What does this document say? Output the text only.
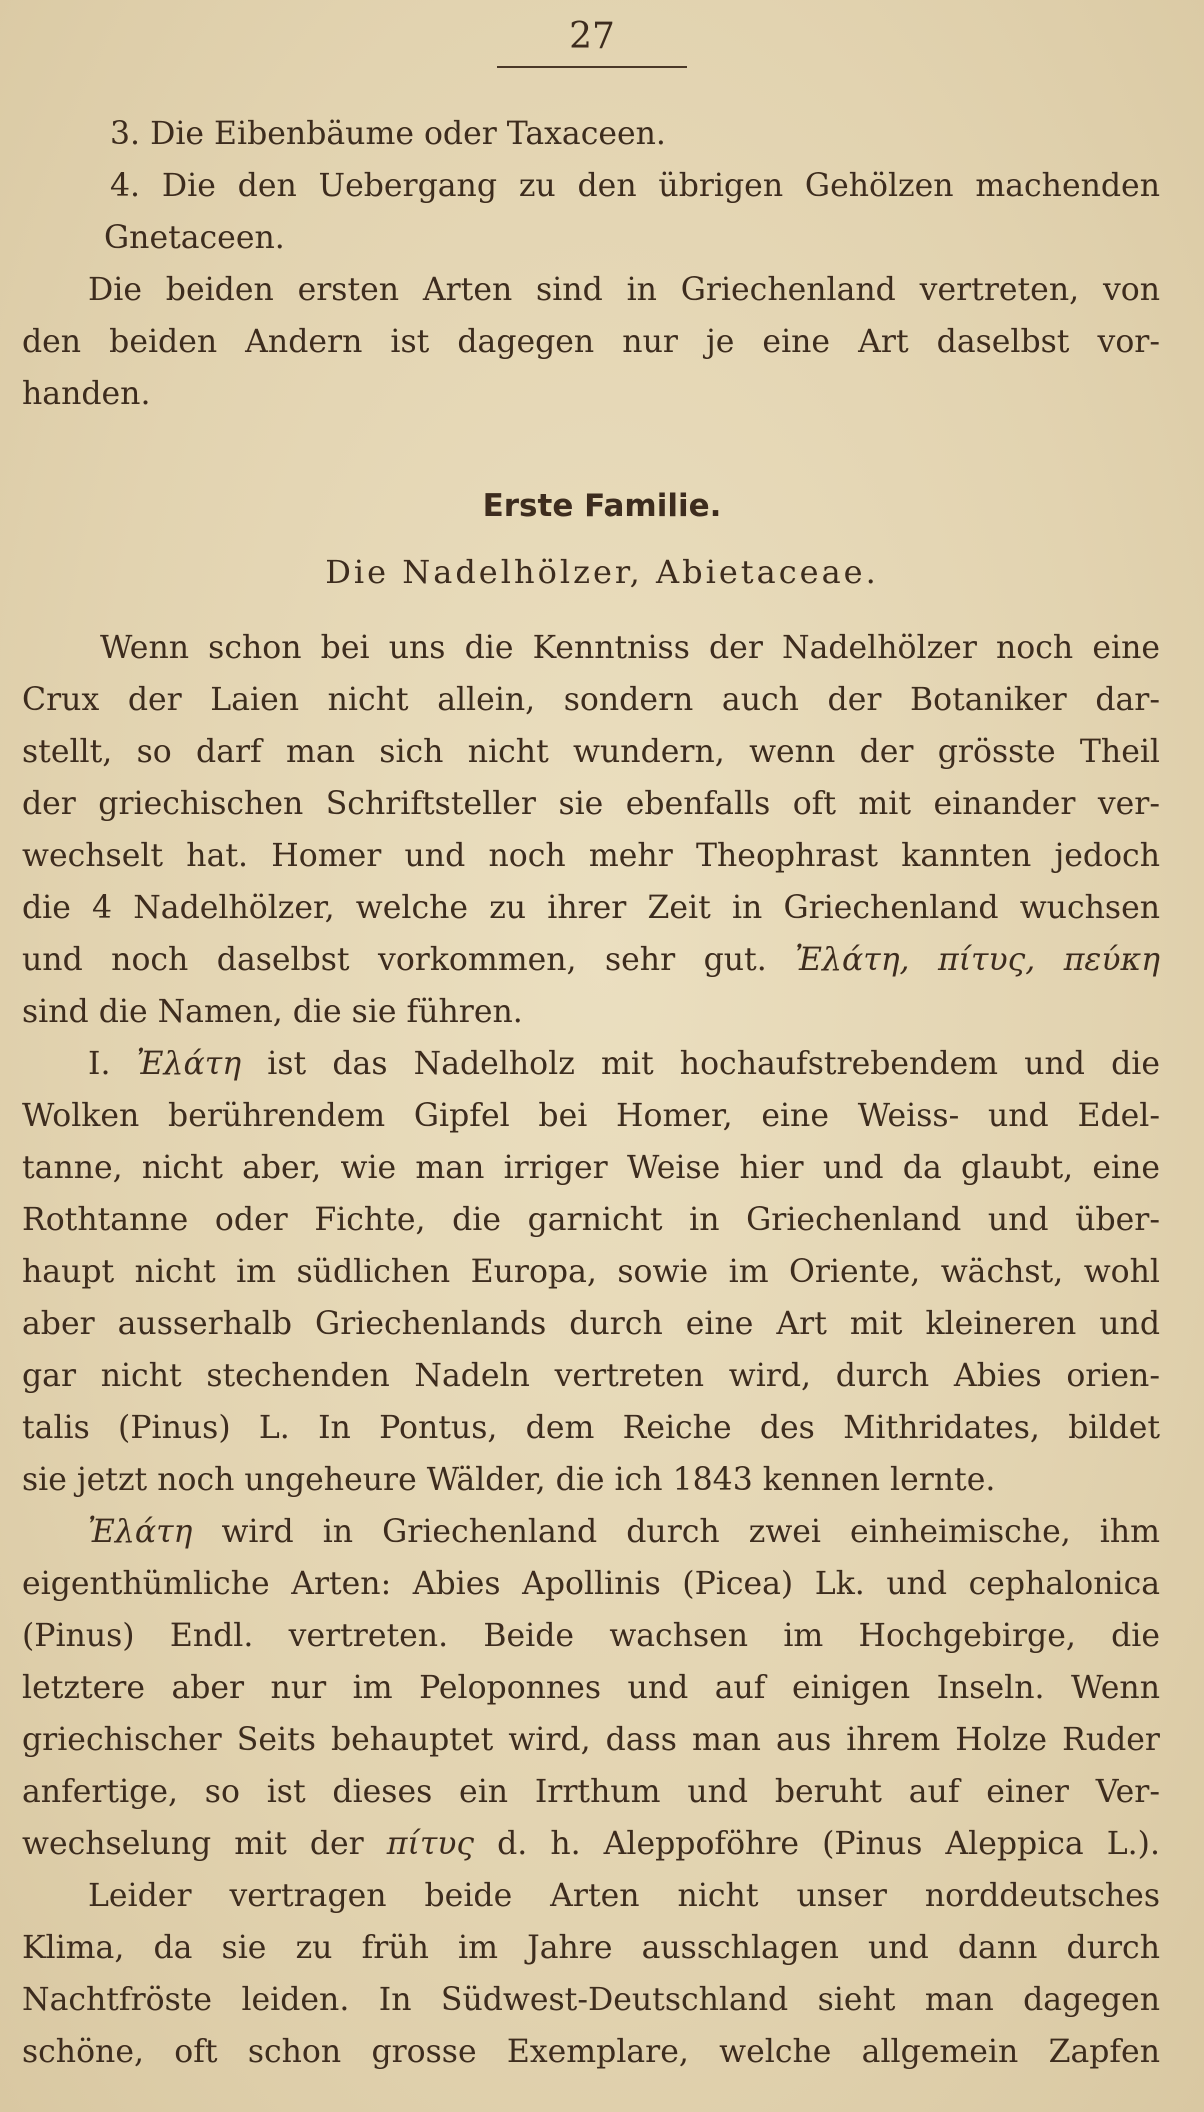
27
3. Die Eibenbäume oder Taxaceen.
4. Die den Uebergang zu den übrigen Gehölzen machenden
Gnetaceen.
Die beiden ersten Arten sind in Griechenland vertreten, von
den beiden Andern ist dagegen nur je eine Art daselbst vor-
handen.
Erste Familie.
Die Nadelhölzer, Abietaceae.
Wenn schon bei uns die Kenntniss der Nadelhölzer noch eine
Crux der Laien nicht allein, sondern auch der Botaniker dar-
stellt, so darf man sich nicht wundern, wenn der grösste Theil
der griechischen Schriftsteller sie ebenfalls oft mit einander ver-
wechselt hat. Homer und noch mehr Theophrast kannten jedoch
die 4 Nadelhölzer, welche zu ihrer Zeit in Griechenland wuchsen
und noch daselbst vorkommen, sehr gut. Ἐλάτη, πίτυς, πεύκη
sind die Namen, die sie führen.
I. Ἐλάτη ist das Nadelholz mit hochaufstrebendem und die
Wolken berührendem Gipfel bei Homer, eine Weiss- und Edel-
tanne, nicht aber, wie man irriger Weise hier und da glaubt, eine
Rothtanne oder Fichte, die garnicht in Griechenland und über-
haupt nicht im südlichen Europa, sowie im Oriente, wächst, wohl
aber ausserhalb Griechenlands durch eine Art mit kleineren und
gar nicht stechenden Nadeln vertreten wird, durch Abies orien-
talis (Pinus) L. In Pontus, dem Reiche des Mithridates, bildet
sie jetzt noch ungeheure Wälder, die ich 1843 kennen lernte.
Ἐλάτη wird in Griechenland durch zwei einheimische, ihm
eigenthümliche Arten: Abies Apollinis (Picea) Lk. und cephalonica
(Pinus) Endl. vertreten. Beide wachsen im Hochgebirge, die
letztere aber nur im Peloponnes und auf einigen Inseln. Wenn
griechischer Seits behauptet wird, dass man aus ihrem Holze Ruder
anfertige, so ist dieses ein Irrthum und beruht auf einer Ver-
wechselung mit der πίτυς d. h. Aleppoföhre (Pinus Aleppica L.).
Leider vertragen beide Arten nicht unser norddeutsches
Klima, da sie zu früh im Jahre ausschlagen und dann durch
Nachtfröste leiden. In Südwest-Deutschland sieht man dagegen
schöne, oft schon grosse Exemplare, welche allgemein Zapfen
